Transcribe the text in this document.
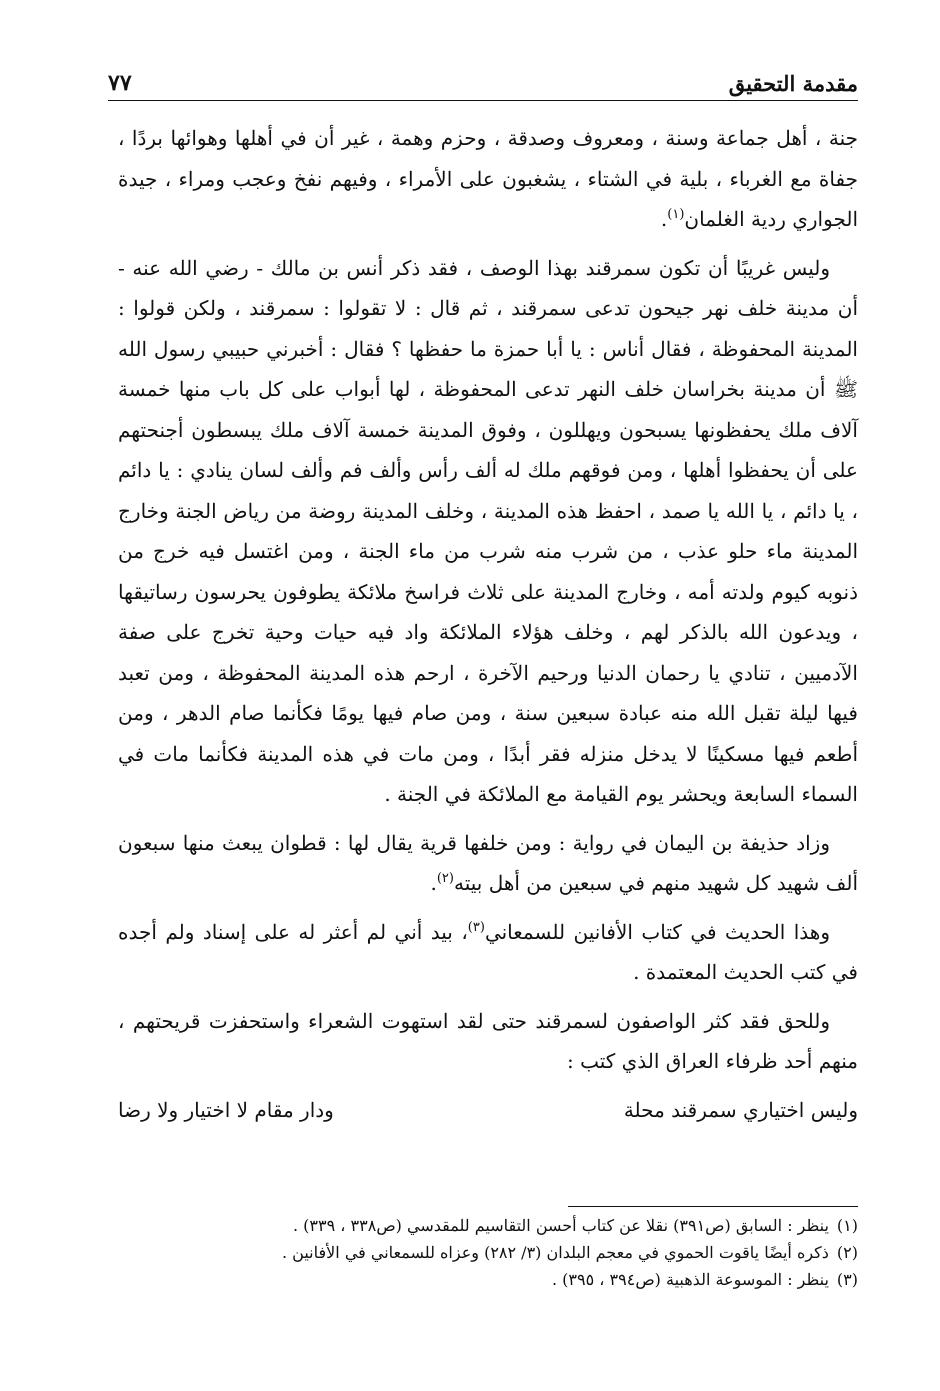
مقدمة التحقيق
٧٧

جنة ، أهل جماعة وسنة ، ومعروف وصدقة ، وحزم وهمة ، غير أن في أهلها وهوائها بردًا ، جفاة مع الغرباء ، بلية في الشتاء ، يشغبون على الأمراء ، وفيهم نفخ وعجب ومراء ، جيدة الجواري ردية الغلمان$^{(١)}$.

وليس غريبًا أن تكون سمرقند بهذا الوصف ، فقد ذكر أنس بن مالك - رضي الله عنه - أن مدينة خلف نهر جيحون تدعى سمرقند ، ثم قال : لا تقولوا : سمرقند ، ولكن قولوا : المدينة المحفوظة ، فقال أناس : يا أبا حمزة ما حفظها ؟ فقال : أخبرني حبيبي رسول الله ﷺ أن مدينة بخراسان خلف النهر تدعى المحفوظة ، لها أبواب على كل باب منها خمسة آلاف ملك يحفظونها يسبحون ويهللون ، وفوق المدينة خمسة آلاف ملك يبسطون أجنحتهم على أن يحفظوا أهلها ، ومن فوقهم ملك له ألف رأس وألف فم وألف لسان ينادي : يا دائم ، يا دائم ، يا الله يا صمد ، احفظ هذه المدينة ، وخلف المدينة روضة من رياض الجنة وخارج المدينة ماء حلو عذب ، من شرب منه شرب من ماء الجنة ، ومن اغتسل فيه خرج من ذنوبه كيوم ولدته أمه ، وخارج المدينة على ثلاث فراسخ ملائكة يطوفون يحرسون رساتيقها ، ويدعون الله بالذكر لهم ، وخلف هؤلاء الملائكة واد فيه حيات وحية تخرج على صفة الآدميين ، تنادي يا رحمان الدنيا ورحيم الآخرة ، ارحم هذه المدينة المحفوظة ، ومن تعبد فيها ليلة تقبل الله منه عبادة سبعين سنة ، ومن صام فيها يومًا فكأنما صام الدهر ، ومن أطعم فيها مسكينًا لا يدخل منزله فقر أبدًا ، ومن مات في هذه المدينة فكأنما مات في السماء السابعة ويحشر يوم القيامة مع الملائكة في الجنة .

وزاد حذيفة بن اليمان في رواية : ومن خلفها قرية يقال لها : قطوان يبعث منها سبعون ألف شهيد كل شهيد منهم في سبعين من أهل بيته$^{(٢)}$.

وهذا الحديث في كتاب الأفانين للسمعاني$^{(٣)}$، بيد أني لم أعثر له على إسناد ولم أجده في كتب الحديث المعتمدة .

وللحق فقد كثر الواصفون لسمرقند حتى لقد استهوت الشعراء واستحفزت قريحتهم ، منهم أحد ظرفاء العراق الذي كتب :

وليس اختياري سمرقند محلة
ودار مقام لا اختيار ولا رضا
(١)
ينظر : السابق (ص٣٩١) نقلا عن كتاب أحسن التقاسيم للمقدسي (ص٣٣٨ ، ٣٣٩) .
(٢)
ذكره أيضًا ياقوت الحموي في معجم البلدان (٣/ ٢٨٢) وعزاه للسمعاني في الأفانين .
(٣)
ينظر : الموسوعة الذهبية (ص٣٩٤ ، ٣٩٥) .
